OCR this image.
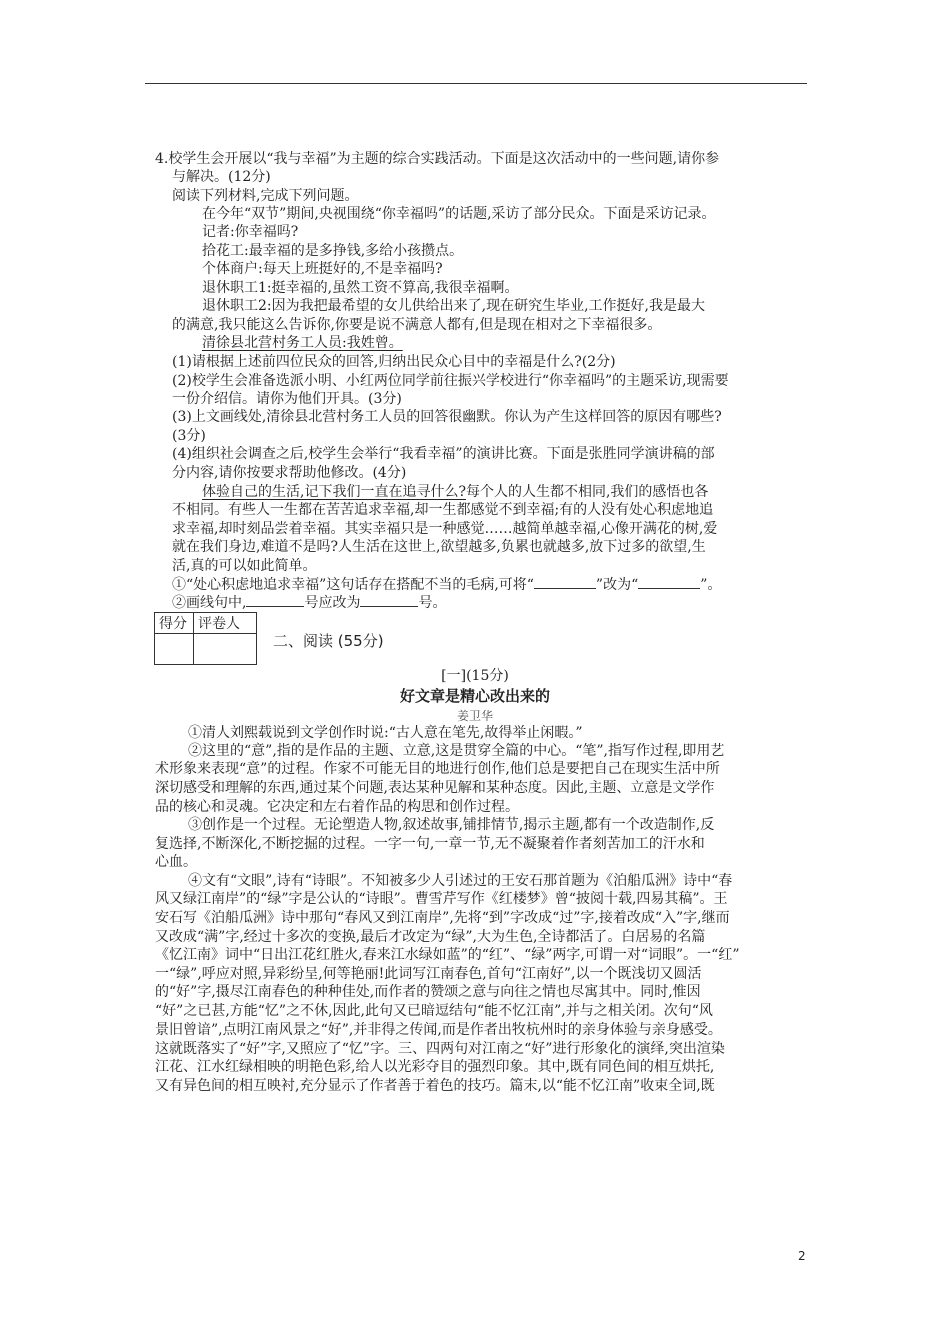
4.校学生会开展以“我与幸福”为主题的综合实践活动。下面是这次活动中的一些问题,请你参
与解决。(12分)
阅读下列材料,完成下列问题。
在今年“双节”期间,央视围绕“你幸福吗”的话题,采访了部分民众。下面是采访记录。
记者:你幸福吗?
拾花工:最幸福的是多挣钱,多给小孩攒点。
个体商户:每天上班挺好的,不是幸福吗?
退休职工1:挺幸福的,虽然工资不算高,我很幸福啊。
退休职工2:因为我把最希望的女儿供给出来了,现在研究生毕业,工作挺好,我是最大
的满意,我只能这么告诉你,你要是说不满意人都有,但是现在相对之下幸福很多。
清徐县北营村务工人员:我姓曾。
(1)请根据上述前四位民众的回答,归纳出民众心目中的幸福是什么?(2分)
(2)校学生会准备选派小明、小红两位同学前往振兴学校进行“你幸福吗”的主题采访,现需要
一份介绍信。请你为他们开具。(3分)
(3)上文画线处,清徐县北营村务工人员的回答很幽默。你认为产生这样回答的原因有哪些?
(3分)
(4)组织社会调查之后,校学生会举行“我看幸福”的演讲比赛。下面是张胜同学演讲稿的部
分内容,请你按要求帮助他修改。(4分)
体验自己的生活,记下我们一直在追寻什么?每个人的人生都不相同,我们的感悟也各
不相同。有些人一生都在苦苦追求幸福,却一生都感觉不到幸福;有的人没有处心积虑地追
求幸福,却时刻品尝着幸福。其实幸福只是一种感觉……越简单越幸福,心像开满花的树,爱
就在我们身边,难道不是吗?人生活在这世上,欲望越多,负累也就越多,放下过多的欲望,生
活,真的可以如此简单。
①“处心积虑地追求幸福”这句话存在搭配不当的毛病,可将“	”改为“	”。
②画线句中,	号应改为	号。
得分	评卷人

二、阅读 (55分)
[一](15分)
好文章是精心改出来的
姜卫华
①清人刘熙载说到文学创作时说:“古人意在笔先,故得举止闲暇。”
②这里的“意”,指的是作品的主题、立意,这是贯穿全篇的中心。“笔”,指写作过程,即用艺
术形象来表现“意”的过程。作家不可能无目的地进行创作,他们总是要把自己在现实生活中所
深切感受和理解的东西,通过某个问题,表达某种见解和某种态度。因此,主题、立意是文学作
品的核心和灵魂。它决定和左右着作品的构思和创作过程。
③创作是一个过程。无论塑造人物,叙述故事,铺排情节,揭示主题,都有一个改造制作,反
复选择,不断深化,不断挖掘的过程。一字一句,一章一节,无不凝聚着作者刻苦加工的汗水和
心血。
④文有“文眼”,诗有“诗眼”。不知被多少人引述过的王安石那首题为《泊船瓜洲》诗中“春
风又绿江南岸”的“绿”字是公认的“诗眼”。曹雪芹写作《红楼梦》曾“披阅十载,四易其稿”。王
安石写《泊船瓜洲》诗中那句“春风又到江南岸”,先将“到”字改成“过”字,接着改成“入”字,继而
又改成“满”字,经过十多次的变换,最后才改定为“绿”,大为生色,全诗都活了。白居易的名篇
《忆江南》词中“日出江花红胜火,春来江水绿如蓝”的“红”、“绿”两字,可谓一对“词眼”。一“红”
一“绿”,呼应对照,异彩纷呈,何等艳丽!此词写江南春色,首句“江南好”,以一个既浅切又圆活
的“好”字,摄尽江南春色的种种佳处,而作者的赞颂之意与向往之情也尽寓其中。同时,惟因
“好”之已甚,方能“忆”之不休,因此,此句又已暗逗结句“能不忆江南”,并与之相关闭。次句“风
景旧曾谙”,点明江南风景之“好”,并非得之传闻,而是作者出牧杭州时的亲身体验与亲身感受。
这就既落实了“好”字,又照应了“忆”字。三、四两句对江南之“好”进行形象化的演绎,突出渲染
江花、江水红绿相映的明艳色彩,给人以光彩夺目的强烈印象。其中,既有同色间的相互烘托,
又有异色间的相互映衬,充分显示了作者善于着色的技巧。篇末,以“能不忆江南”收束全词,既
2
